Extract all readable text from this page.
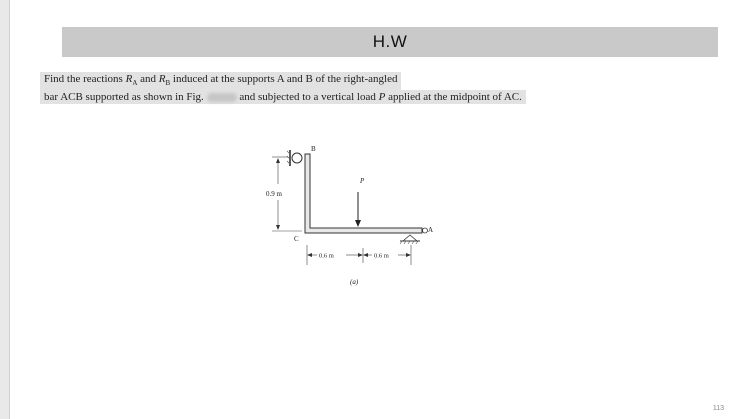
H.W
Find the reactions $R_A$ and $R_B$ induced at the supports A and B of the right-angled
bar ACB supported as shown in Fig.	and subjected to a vertical load P applied at the midpoint of AC.
B
A
P
0.9 m
C
0.6 m	0.6 m
(a)
113
